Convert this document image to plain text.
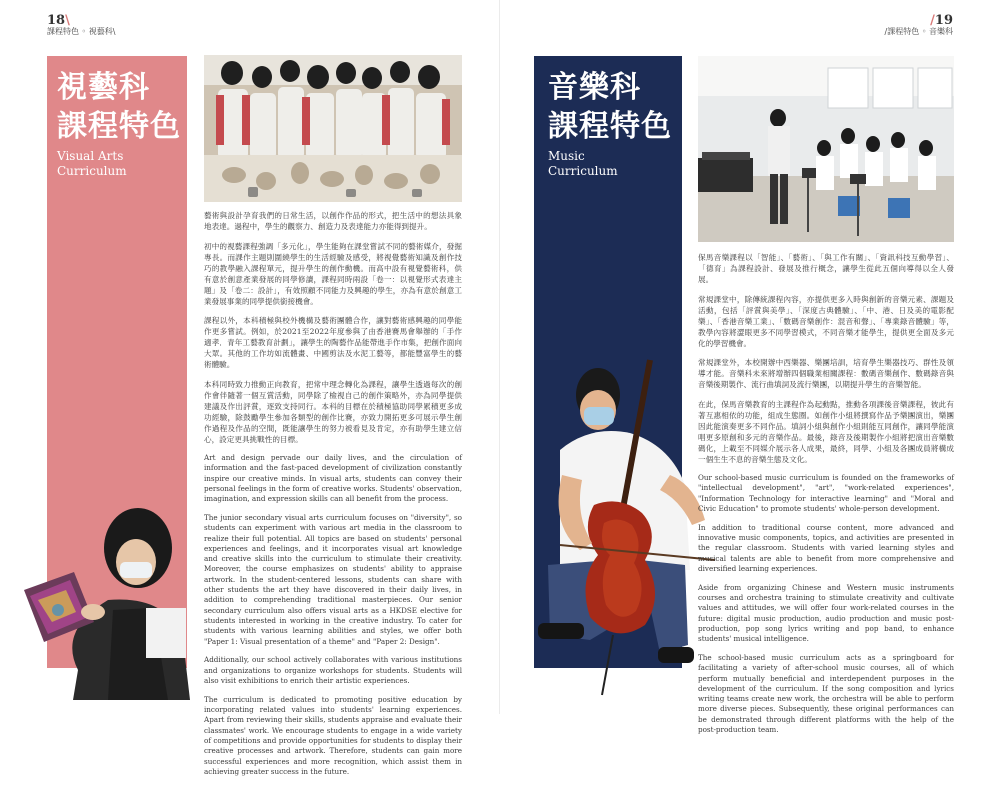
18\
課程特色 ◦ 視藝科\
視藝科
課程特色
Visual Arts
Curriculum

藝術與設計孕育我們的日常生活，以創作作品的形式，把生活中的想法具象地表達。過程中，學生的觀察力、創造力及表達能力亦能得到提升。

初中的視藝課程強調「多元化」，學生能夠在課堂嘗試不同的藝術媒介，發掘專長。而課作主題則圍繞學生的生活經驗及感受，將視覺藝術知識及創作技巧的教學融入課程單元，提升學生的創作動機。而高中設有視覺藝術科，供有意於創意產業發展的同學修讀，課程同時兩設「卷一：以視覺形式表達主題」及「卷二：設計」，有效照顧不同能力及興趣的學生，亦為有意於創意工業發展事業的同學提供銜接機會。

課程以外，本科積極與校外機構及藝術團體合作，讓對藝術感興趣的同學能作更多嘗試。例如，於2021至2022年度參與了由香港賽馬會舉辦的「手作適孝．青年工藝教育計劃」，讓學生的陶藝作品能帶進手作市集，把創作面向大眾。其他的工作坊如流體畫、中國剪法及水泥工藝等，都能豐富學生的藝術體驗。

本科同時致力推動正向教育，把常中理念轉化為課程，讓學生透過每次的創作會伴隨著一個互賞活動，同學除了檢視自己的創作策略外，亦為同學提供建議及作出評賞，逐致支持同行。本科的目標在於積極協助同學累積更多成功經驗，除鼓勵學生參加各類型的創作比賽，亦致力開拓更多可展示學生創作過程及作品的空間，既能讓學生的努力被看見及肯定，亦有助學生建立信心，設定更具挑戰性的目標。

Art and design pervade our daily lives, and the circulation of information and the fast-paced development of civilization constantly inspire our creative minds. In visual arts, students can convey their personal feelings in the form of creative works. Students' observation, imagination, and expression skills can all benefit from the process.

The junior secondary visual arts curriculum focuses on "diversity", so students can experiment with various art media in the classroom to realize their full potential. All topics are based on students' personal experiences and feelings, and it incorporates visual art knowledge and creative skills into the curriculum to stimulate their creativity. Moreover, the course emphasizes on students' ability to appraise artwork. In the student-centered lessons, students can share with other students the art they have discovered in their daily lives, in addition to comprehending traditional masterpieces. Our senior secondary curriculum also offers visual arts as a HKDSE elective for students interested in working in the creative industry. To cater for students with various learning abilities and styles, we offer both "Paper 1: Visual presentation of a theme" and "Paper 2: Design".

Additionally, our school actively collaborates with various institutions and organizations to organize workshops for students. Students will also visit exhibitions to enrich their artistic experiences.

The curriculum is dedicated to promoting positive education by incorporating related values into students' learning experiences. Apart from reviewing their skills, students appraise and evaluate their classmates' work. We encourage students to engage in a wide variety of competitions and provide opportunities for students to display their creative processes and artwork. Therefore, students can gain more successful experiences and more recognition, which assist them in achieving greater success in the future.

/19
/課程特色 ◦ 音樂科
音樂科
課程特色
Music
Curriculum

保馬音樂課程以「智能」、「藝術」、「與工作有關」、「資訊科技互動學習」、「德育」為課程設計、發展及推行概念，讓學生從此五個向導得以全人發展。

常規課堂中，除傳統課程內容，亦提供更多入時與創新的音樂元素、課題及活動，包括「評賞與美學」、「深度古典體驗」、「中、港、日及美的電影配樂」、「香港音樂工業」、「數碼音樂創作：混音和聲」、「專業錄音體驗」等，教學內容將澀眼更多不同學習模式，不同音樂才能學生，提供更全面及多元化的學習機會。

常規課堂外，本校開辦中西樂器、樂團培訓，培育學生樂器技巧、群性及領導才能。音樂科未來將增辦四個職業相關課程：數碼音樂創作、數碼錄音與音樂後期製作、流行曲填詞及流行樂團，以期提升學生的音樂智能。

在此，保馬音樂教育的主課程作為起動點，推動各項課後音樂課程，彼此有著互惠相依的功能，組成生態圈。如創作小組將撰寫作品予樂團演出，樂團因此能演奏更多不同作品。填詞小組與創作小組則能互同創作，讓同學能演唱更多原創和多元的音樂作品。最後，錄音及後期製作小組將把演出音樂數碼化，上載至不同媒介展示各人成果，最終，同學、小組及各團成員將構成一個生生不息的音樂生態及文化。

Our school-based music curriculum is founded on the frameworks of "intellectual development", "art", "work-related experiences", "Information Technology for interactive learning" and "Moral and Civic Education" to promote students' whole-person development.

In addition to traditional course content, more advanced and innovative music components, topics, and activities are presented in the regular classroom. Students with varied learning styles and musical talents are able to benefit from more comprehensive and diversified learning experiences.

Aside from organizing Chinese and Western music instruments courses and orchestra training to stimulate creativity and cultivate values and attitudes, we will offer four work-related courses in the future: digital music production, audio production and music post-production, pop song lyrics writing and pop band, to enhance students' musical intelligence.

The school-based music curriculum acts as a springboard for facilitating a variety of after-school music courses, all of which perform mutually beneficial and interdependent purposes in the development of the curriculum. If the song composition and lyrics writing teams create new work, the orchestra will be able to perform more diverse pieces. Subsequently, these original performances can be demonstrated through different platforms with the help of the post-production team.
